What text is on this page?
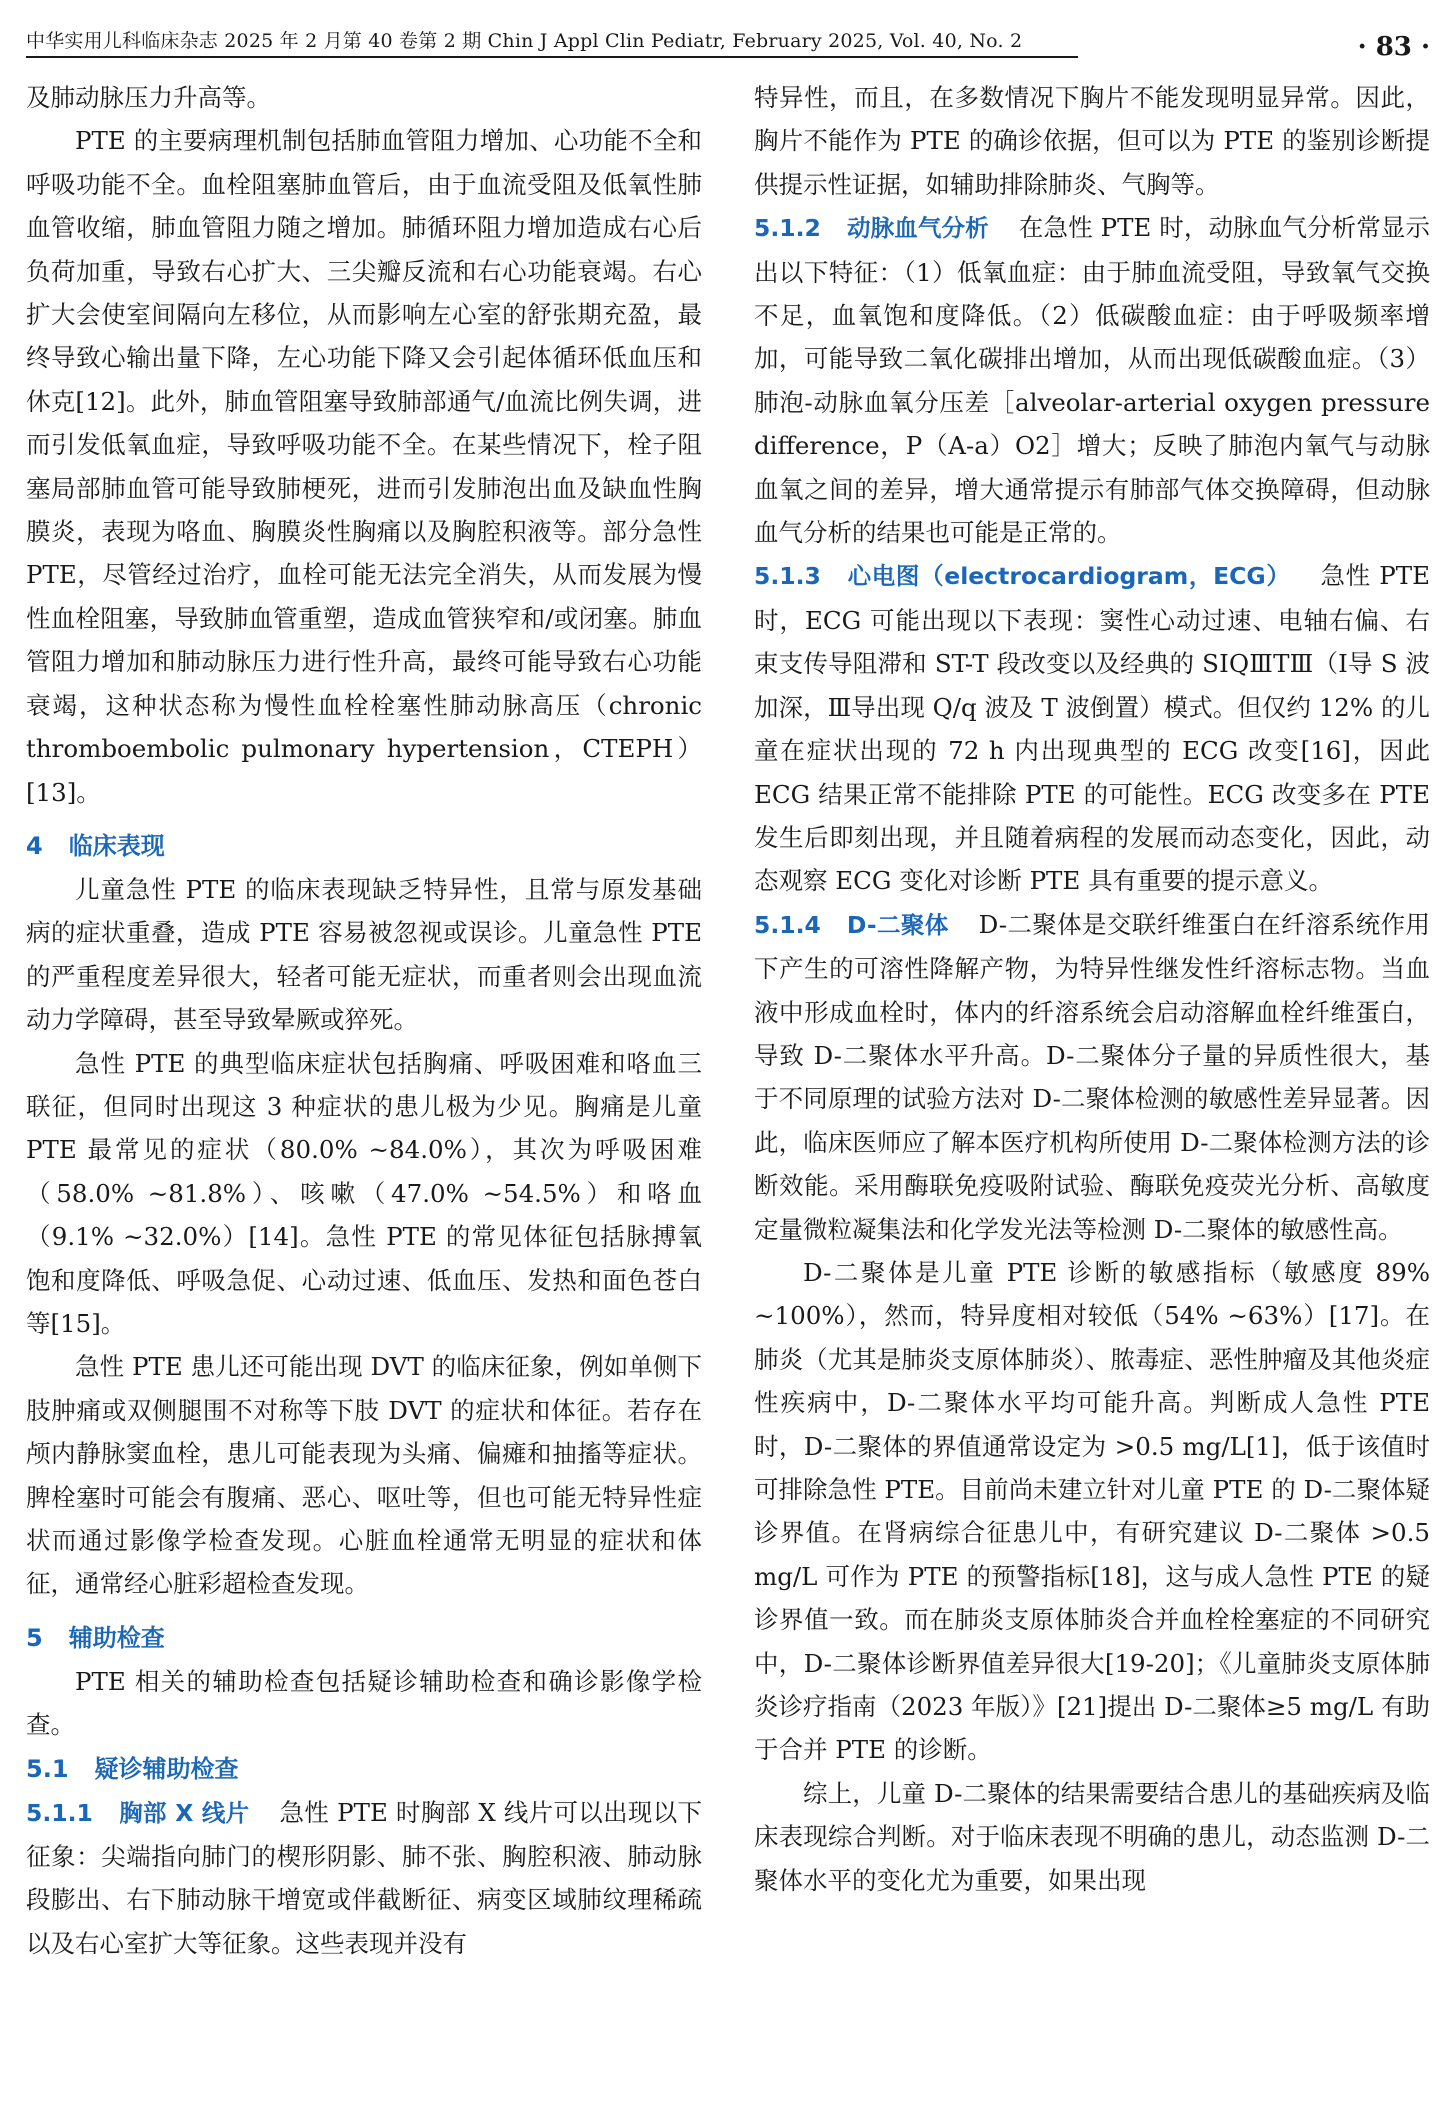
中华实用儿科临床杂志 2025 年 2 月第 40 卷第 2 期 Chin J Appl Clin Pediatr, February 2025, Vol. 40, No. 2	· 83 ·

及肺动脉压力升高等。

PTE 的主要病理机制包括肺血管阻力增加、心功能不全和呼吸功能不全。血栓阻塞肺血管后，由于血流受阻及低氧性肺血管收缩，肺血管阻力随之增加。肺循环阻力增加造成右心后负荷加重，导致右心扩大、三尖瓣反流和右心功能衰竭。右心扩大会使室间隔向左移位，从而影响左心室的舒张期充盈，最终导致心输出量下降，左心功能下降又会引起体循环低血压和休克[12]。此外，肺血管阻塞导致肺部通气/血流比例失调，进而引发低氧血症，导致呼吸功能不全。在某些情况下，栓子阻塞局部肺血管可能导致肺梗死，进而引发肺泡出血及缺血性胸膜炎，表现为咯血、胸膜炎性胸痛以及胸腔积液等。部分急性 PTE，尽管经过治疗，血栓可能无法完全消失，从而发展为慢性血栓阻塞，导致肺血管重塑，造成血管狭窄和/或闭塞。肺血管阻力增加和肺动脉压力进行性升高，最终可能导致右心功能衰竭，这种状态称为慢性血栓栓塞性肺动脉高压（chronic thromboembolic pulmonary hypertension，CTEPH）[13]。

4 临床表现

儿童急性 PTE 的临床表现缺乏特异性，且常与原发基础病的症状重叠，造成 PTE 容易被忽视或误诊。儿童急性 PTE 的严重程度差异很大，轻者可能无症状，而重者则会出现血流动力学障碍，甚至导致晕厥或猝死。

急性 PTE 的典型临床症状包括胸痛、呼吸困难和咯血三联征，但同时出现这 3 种症状的患儿极为少见。胸痛是儿童 PTE 最常见的症状（80.0% ~84.0%），其次为呼吸困难（58.0% ~81.8%）、咳嗽（47.0% ~54.5%）和咯血（9.1% ~32.0%）[14]。急性 PTE 的常见体征包括脉搏氧饱和度降低、呼吸急促、心动过速、低血压、发热和面色苍白等[15]。

急性 PTE 患儿还可能出现 DVT 的临床征象，例如单侧下肢肿痛或双侧腿围不对称等下肢 DVT 的症状和体征。若存在颅内静脉窦血栓，患儿可能表现为头痛、偏瘫和抽搐等症状。脾栓塞时可能会有腹痛、恶心、呕吐等，但也可能无特异性症状而通过影像学检查发现。心脏血栓通常无明显的症状和体征，通常经心脏彩超检查发现。

5 辅助检查

PTE 相关的辅助检查包括疑诊辅助检查和确诊影像学检查。

5.1 疑诊辅助检查

5.1.1 胸部 X 线片 急性 PTE 时胸部 X 线片可以出现以下征象：尖端指向肺门的楔形阴影、肺不张、胸腔积液、肺动脉段膨出、右下肺动脉干增宽或伴截断征、病变区域肺纹理稀疏以及右心室扩大等征象。这些表现并没有

特异性，而且，在多数情况下胸片不能发现明显异常。因此，胸片不能作为 PTE 的确诊依据，但可以为 PTE 的鉴别诊断提供提示性证据，如辅助排除肺炎、气胸等。

5.1.2 动脉血气分析 在急性 PTE 时，动脉血气分析常显示出以下特征：（1）低氧血症：由于肺血流受阻，导致氧气交换不足，血氧饱和度降低。（2）低碳酸血症：由于呼吸频率增加，可能导致二氧化碳排出增加，从而出现低碳酸血症。（3）肺泡-动脉血氧分压差［alveolar-arterial oxygen pressure difference，P（A-a）O2］增大；反映了肺泡内氧气与动脉血氧之间的差异，增大通常提示有肺部气体交换障碍，但动脉血气分析的结果也可能是正常的。

5.1.3 心电图（electrocardiogram，ECG） 急性 PTE 时，ECG 可能出现以下表现：窦性心动过速、电轴右偏、右束支传导阻滞和 ST-T 段改变以及经典的 SⅠQⅢTⅢ（Ⅰ导 S 波加深，Ⅲ导出现 Q/q 波及 T 波倒置）模式。但仅约 12% 的儿童在症状出现的 72 h 内出现典型的 ECG 改变[16]，因此 ECG 结果正常不能排除 PTE 的可能性。ECG 改变多在 PTE 发生后即刻出现，并且随着病程的发展而动态变化，因此，动态观察 ECG 变化对诊断 PTE 具有重要的提示意义。

5.1.4 D-二聚体 D-二聚体是交联纤维蛋白在纤溶系统作用下产生的可溶性降解产物，为特异性继发性纤溶标志物。当血液中形成血栓时，体内的纤溶系统会启动溶解血栓纤维蛋白，导致 D-二聚体水平升高。D-二聚体分子量的异质性很大，基于不同原理的试验方法对 D-二聚体检测的敏感性差异显著。因此，临床医师应了解本医疗机构所使用 D-二聚体检测方法的诊断效能。采用酶联免疫吸附试验、酶联免疫荧光分析、高敏度定量微粒凝集法和化学发光法等检测 D-二聚体的敏感性高。

D-二聚体是儿童 PTE 诊断的敏感指标（敏感度 89% ~100%），然而，特异度相对较低（54% ~63%）[17]。在肺炎（尤其是肺炎支原体肺炎）、脓毒症、恶性肿瘤及其他炎症性疾病中，D-二聚体水平均可能升高。判断成人急性 PTE 时，D-二聚体的界值通常设定为 >0.5 mg/L[1]，低于该值时可排除急性 PTE。目前尚未建立针对儿童 PTE 的 D-二聚体疑诊界值。在肾病综合征患儿中，有研究建议 D-二聚体 >0.5 mg/L 可作为 PTE 的预警指标[18]，这与成人急性 PTE 的疑诊界值一致。而在肺炎支原体肺炎合并血栓栓塞症的不同研究中，D-二聚体诊断界值差异很大[19-20]；《儿童肺炎支原体肺炎诊疗指南（2023 年版）》[21]提出 D-二聚体≥5 mg/L 有助于合并 PTE 的诊断。

综上，儿童 D-二聚体的结果需要结合患儿的基础疾病及临床表现综合判断。对于临床表现不明确的患儿，动态监测 D-二聚体水平的变化尤为重要，如果出现
